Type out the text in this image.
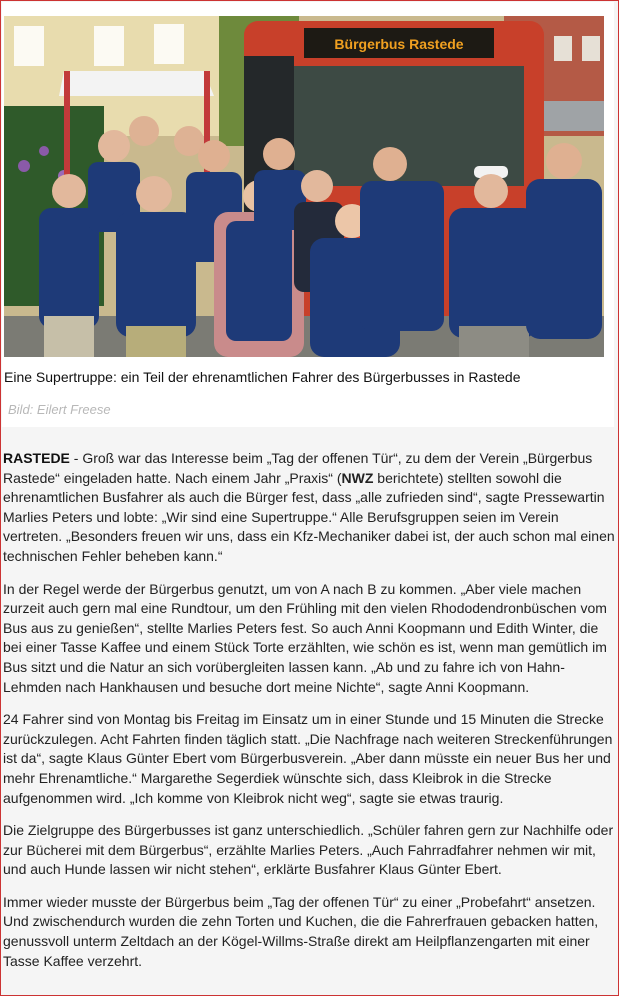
Bürgerbus Rastede
Eine Supertruppe: ein Teil der ehrenamtlichen Fahrer des Bürgerbusses in Rastede
Bild: Eilert Freese

RASTEDE - Groß war das Interesse beim „Tag der offenen Tür“, zu dem der Verein „Bürgerbus Rastede“ eingeladen hatte. Nach einem Jahr „Praxis“ (NWZ berichtete) stellten sowohl die ehrenamtlichen Busfahrer als auch die Bürger fest, dass „alle zufrieden sind“, sagte Pressewartin Marlies Peters und lobte: „Wir sind eine Supertruppe.“ Alle Berufsgruppen seien im Verein vertreten. „Besonders freuen wir uns, dass ein Kfz-Mechaniker dabei ist, der auch schon mal einen technischen Fehler beheben kann.“

In der Regel werde der Bürgerbus genutzt, um von A nach B zu kommen. „Aber viele machen zurzeit auch gern mal eine Rundtour, um den Frühling mit den vielen Rhododendronbüschen vom Bus aus zu genießen“, stellte Marlies Peters fest. So auch Anni Koopmann und Edith Winter, die bei einer Tasse Kaffee und einem Stück Torte erzählten, wie schön es ist, wenn man gemütlich im Bus sitzt und die Natur an sich vorübergleiten lassen kann. „Ab und zu fahre ich von Hahn-Lehmden nach Hankhausen und besuche dort meine Nichte“, sagte Anni Koopmann.

24 Fahrer sind von Montag bis Freitag im Einsatz um in einer Stunde und 15 Minuten die Strecke zurückzulegen. Acht Fahrten finden täglich statt. „Die Nachfrage nach weiteren Streckenführungen ist da“, sagte Klaus Günter Ebert vom Bürgerbusverein. „Aber dann müsste ein neuer Bus her und mehr Ehrenamtliche.“ Margarethe Segerdiek wünschte sich, dass Kleibrok in die Strecke aufgenommen wird. „Ich komme von Kleibrok nicht weg“, sagte sie etwas traurig.

Die Zielgruppe des Bürgerbusses ist ganz unterschiedlich. „Schüler fahren gern zur Nachhilfe oder zur Bücherei mit dem Bürgerbus“, erzählte Marlies Peters. „Auch Fahrradfahrer nehmen wir mit, und auch Hunde lassen wir nicht stehen“, erklärte Busfahrer Klaus Günter Ebert.

Immer wieder musste der Bürgerbus beim „Tag der offenen Tür“ zu einer „Probefahrt“ ansetzen. Und zwischendurch wurden die zehn Torten und Kuchen, die die Fahrerfrauen gebacken hatten, genussvoll unterm Zeltdach an der Kögel-Willms-Straße direkt am Heilpflanzengarten mit einer Tasse Kaffee verzehrt.
